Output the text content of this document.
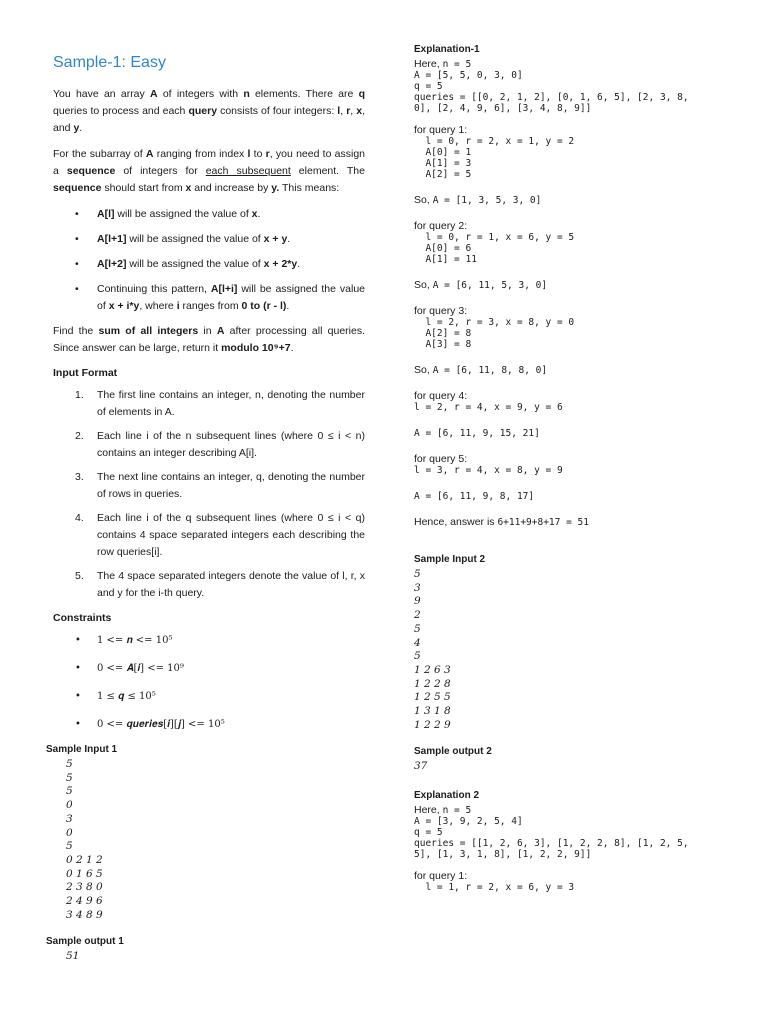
Sample-1: Easy

You have an array A of integers with n elements. There are q queries to process and each query consists of four integers: l, r, x, and y.

For the subarray of A ranging from index l to r, you need to assign a sequence of integers for each subsequent element. The sequence should start from x and increase by y. This means:

• A[l] will be assigned the value of x.
• A[l+1] will be assigned the value of x + y.
• A[l+2] will be assigned the value of x + 2*y.
• Continuing this pattern, A[l+i] will be assigned the value of x + i*y, where i ranges from 0 to (r - l).

Find the sum of all integers in A after processing all queries. Since answer can be large, return it modulo 10⁹+7.

Input Format
1. The first line contains an integer, n, denoting the number of elements in A.
2. Each line i of the n subsequent lines (where 0 ≤ i < n) contains an integer describing A[i].
3. The next line contains an integer, q, denoting the number of rows in queries.
4. Each line i of the q subsequent lines (where 0 ≤ i < q) contains 4 space separated integers each describing the row queries[i].
5. The 4 space separated integers denote the value of l, r, x and y for the i-th query.
Constraints
• 1 <= 𝒏 <= 10⁵
• 0 <= 𝑨[𝒊] <= 10⁹
• 1 ≤ 𝒒 ≤ 10⁵
• 0 <= 𝒒𝒖𝒆𝒓𝒊𝒆𝒔[𝒊][𝒋] <= 10⁵
Sample Input 1
5
5
5
0
3
0
5
0 2 1 2
0 1 6 5
2 3 8 0
2 4 9 6
3 4 8 9
Sample output 1
51
Explanation-1
Here, n = 5
A = [5, 5, 0, 3, 0]
q = 5
queries = [[0, 2, 1, 2], [0, 1, 6, 5], [2, 3, 8,
0], [2, 4, 9, 6], [3, 4, 8, 9]]
for query 1:
l = 0, r = 2, x = 1, y = 2
A[0] = 1
A[1] = 3
A[2] = 5
So, A = [1, 3, 5, 3, 0]
for query 2:
l = 0, r = 1, x = 6, y = 5
A[0] = 6
A[1] = 11
So, A = [6, 11, 5, 3, 0]
for query 3:
l = 2, r = 3, x = 8, y = 0
A[2] = 8
A[3] = 8
So, A = [6, 11, 8, 8, 0]
for query 4:
l = 2, r = 4, x = 9, y = 6
A = [6, 11, 9, 15, 21]
for query 5:
l = 3, r = 4, x = 8, y = 9
A = [6, 11, 9, 8, 17]
Hence, answer is 6+11+9+8+17 = 51
Sample Input 2
5
3
9
2
5
4
5
1 2 6 3
1 2 2 8
1 2 5 5
1 3 1 8
1 2 2 9
Sample output 2
37
Explanation 2
Here, n = 5
A = [3, 9, 2, 5, 4]
q = 5
queries = [[1, 2, 6, 3], [1, 2, 2, 8], [1, 2, 5,
5], [1, 3, 1, 8], [1, 2, 2, 9]]
for query 1:
l = 1, r = 2, x = 6, y = 3
